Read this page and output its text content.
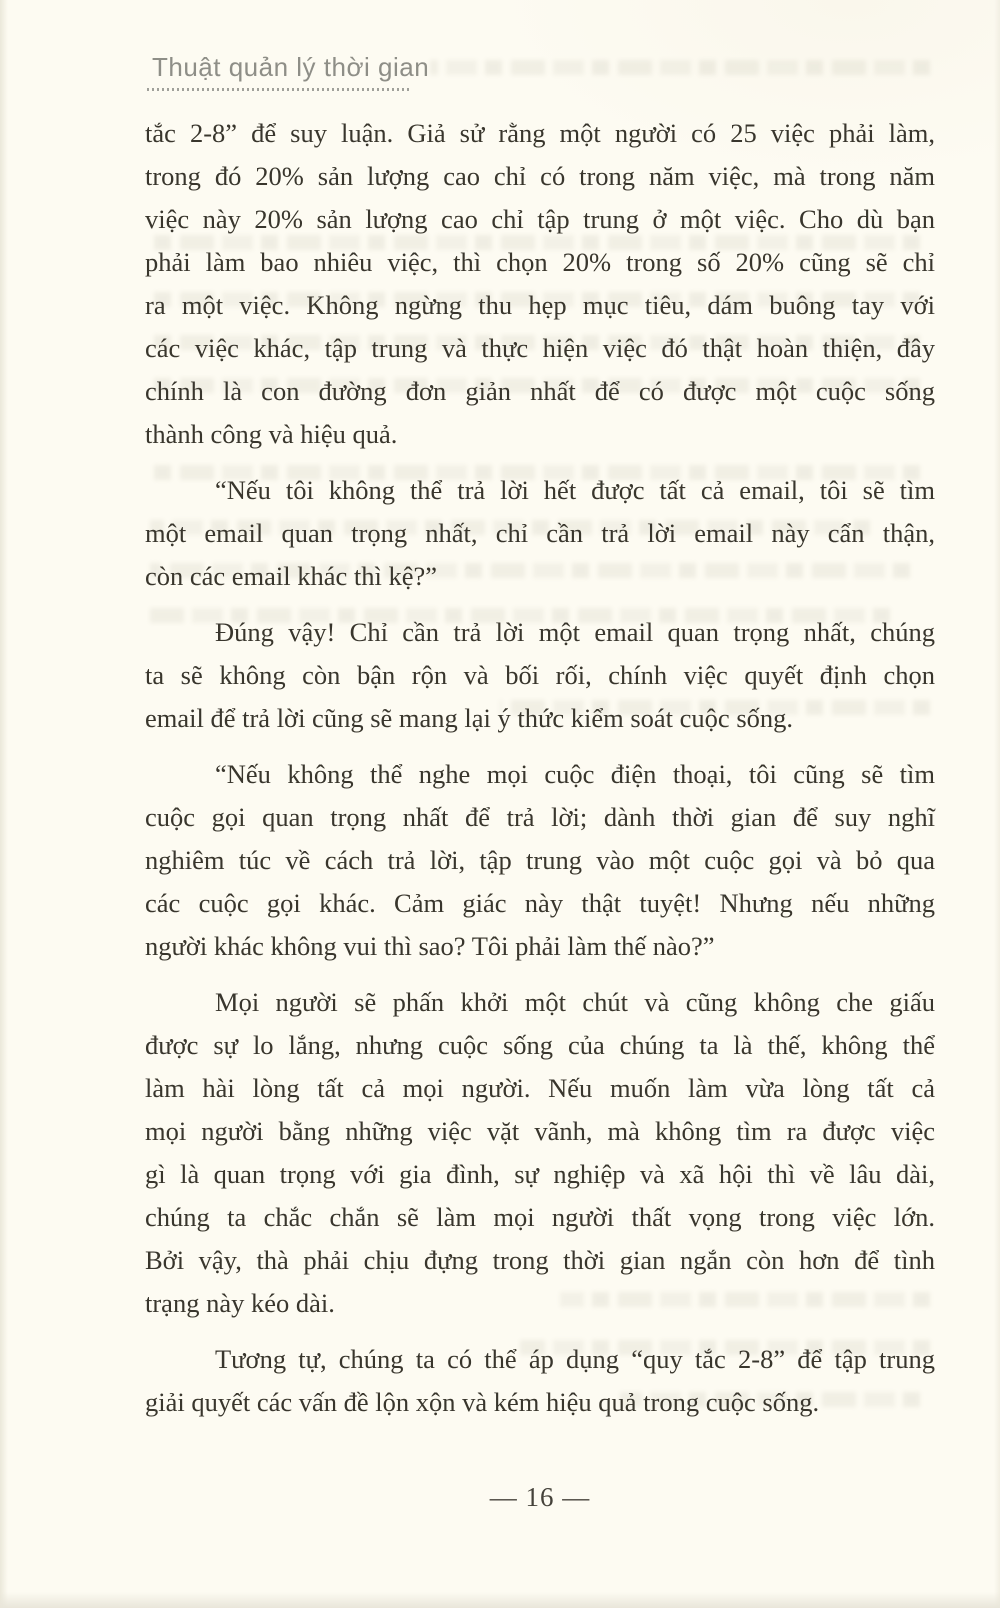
Thuật quản lý thời gian
tắc 2-8” để suy luận. Giả sử rằng một người có 25 việc phải làm,
trong đó 20% sản lượng cao chỉ có trong năm việc, mà trong năm
việc này 20% sản lượng cao chỉ tập trung ở một việc. Cho dù bạn
phải làm bao nhiêu việc, thì chọn 20% trong số 20% cũng sẽ chỉ
ra một việc. Không ngừng thu hẹp mục tiêu, dám buông tay với
các việc khác, tập trung và thực hiện việc đó thật hoàn thiện, đây
chính là con đường đơn giản nhất để có được một cuộc sống
thành công và hiệu quả.
“Nếu tôi không thể trả lời hết được tất cả email, tôi sẽ tìm
một email quan trọng nhất, chỉ cần trả lời email này cẩn thận,
còn các email khác thì kệ?”
Đúng vậy! Chỉ cần trả lời một email quan trọng nhất, chúng
ta sẽ không còn bận rộn và bối rối, chính việc quyết định chọn
email để trả lời cũng sẽ mang lại ý thức kiểm soát cuộc sống.
“Nếu không thể nghe mọi cuộc điện thoại, tôi cũng sẽ tìm
cuộc gọi quan trọng nhất để trả lời; dành thời gian để suy nghĩ
nghiêm túc về cách trả lời, tập trung vào một cuộc gọi và bỏ qua
các cuộc gọi khác. Cảm giác này thật tuyệt! Nhưng nếu những
người khác không vui thì sao? Tôi phải làm thế nào?”
Mọi người sẽ phấn khởi một chút và cũng không che giấu
được sự lo lắng, nhưng cuộc sống của chúng ta là thế, không thể
làm hài lòng tất cả mọi người. Nếu muốn làm vừa lòng tất cả
mọi người bằng những việc vặt vãnh, mà không tìm ra được việc
gì là quan trọng với gia đình, sự nghiệp và xã hội thì về lâu dài,
chúng ta chắc chắn sẽ làm mọi người thất vọng trong việc lớn.
Bởi vậy, thà phải chịu đựng trong thời gian ngắn còn hơn để tình
trạng này kéo dài.
Tương tự, chúng ta có thể áp dụng “quy tắc 2-8” để tập trung
giải quyết các vấn đề lộn xộn và kém hiệu quả trong cuộc sống.
— 16 —
